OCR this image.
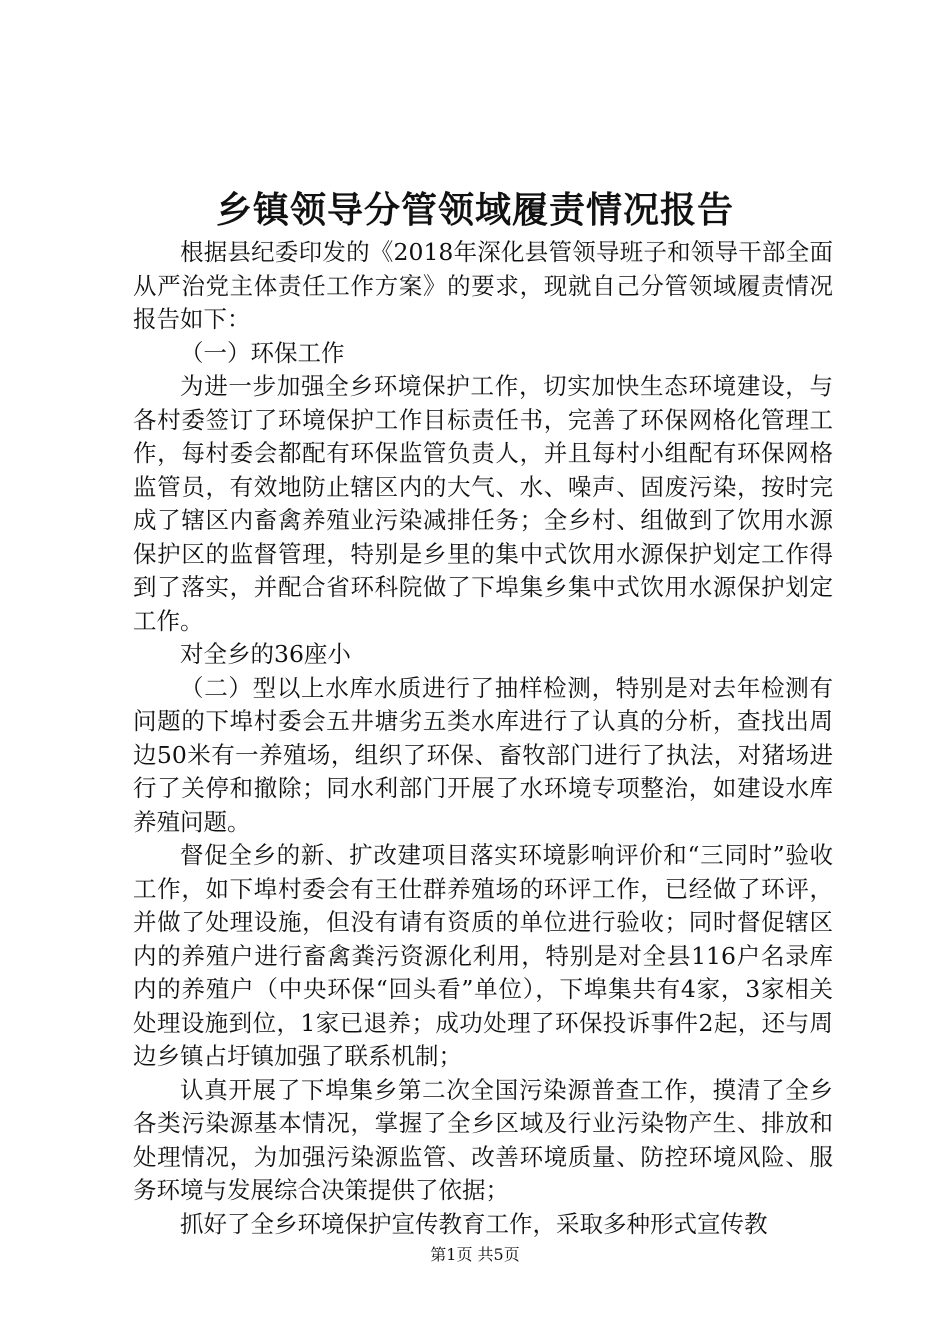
乡镇领导分管领域履责情况报告

根据县纪委印发的《2018年深化县管领导班子和领导干部全面从严治党主体责任工作方案》的要求，现就自己分管领域履责情况报告如下：

（一）环保工作

为进一步加强全乡环境保护工作，切实加快生态环境建设，与各村委签订了环境保护工作目标责任书，完善了环保网格化管理工作，每村委会都配有环保监管负责人，并且每村小组配有环保网格监管员，有效地防止辖区内的大气、水、噪声、固废污染，按时完成了辖区内畜禽养殖业污染减排任务；全乡村、组做到了饮用水源保护区的监督管理，特别是乡里的集中式饮用水源保护划定工作得到了落实，并配合省环科院做了下埠集乡集中式饮用水源保护划定工作。

对全乡的36座小

（二）型以上水库水质进行了抽样检测，特别是对去年检测有问题的下埠村委会五井塘劣五类水库进行了认真的分析，查找出周边50米有一养殖场，组织了环保、畜牧部门进行了执法，对猪场进行了关停和撤除；同水利部门开展了水环境专项整治，如建设水库养殖问题。

督促全乡的新、扩改建项目落实环境影响评价和“三同时”验收工作，如下埠村委会有王仕群养殖场的环评工作，已经做了环评，并做了处理设施，但没有请有资质的单位进行验收；同时督促辖区内的养殖户进行畜禽粪污资源化利用，特别是对全县116户名录库内的养殖户（中央环保“回头看”单位），下埠集共有4家，3家相关处理设施到位，1家已退养；成功处理了环保投诉事件2起，还与周边乡镇占圩镇加强了联系机制；

认真开展了下埠集乡第二次全国污染源普查工作，摸清了全乡各类污染源基本情况，掌握了全乡区域及行业污染物产生、排放和处理情况，为加强污染源监管、改善环境质量、防控环境风险、服务环境与发展综合决策提供了依据；

抓好了全乡环境保护宣传教育工作，采取多种形式宣传教

第1页 共5页
